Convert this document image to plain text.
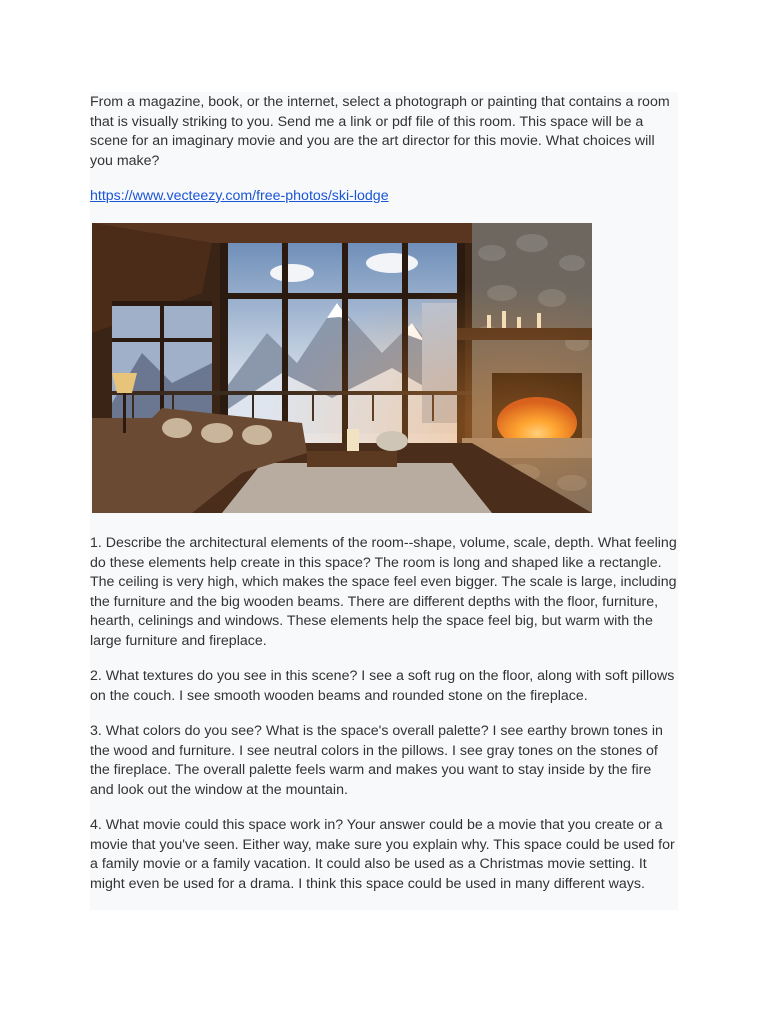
From a magazine, book, or the internet, select a photograph or painting that contains a room that is visually striking to you. Send me a link or pdf file of this room. This space will be a scene for an imaginary movie and you are the art director for this movie. What choices will you make?

https://www.vecteezy.com/free-photos/ski-lodge

1. Describe the architectural elements of the room--shape, volume, scale, depth. What feeling do these elements help create in this space? The room is long and shaped like a rectangle. The ceiling is very high, which makes the space feel even bigger. The scale is large, including the furniture and the big wooden beams. There are different depths with the floor, furniture, hearth, celinings and windows. These elements help the space feel big, but warm with the large furniture and fireplace.

2. What textures do you see in this scene? I see a soft rug on the floor, along with soft pillows on the couch. I see smooth wooden beams and rounded stone on the fireplace.

3. What colors do you see? What is the space's overall palette? I see earthy brown tones in the wood and furniture. I see neutral colors in the pillows. I see gray tones on the stones of the fireplace. The overall palette feels warm and makes you want to stay inside by the fire and look out the window at the mountain.

4. What movie could this space work in? Your answer could be a movie that you create or a movie that you've seen. Either way, make sure you explain why. This space could be used for a family movie or a family vacation. It could also be used as a Christmas movie setting. It might even be used for a drama. I think this space could be used in many different ways.
